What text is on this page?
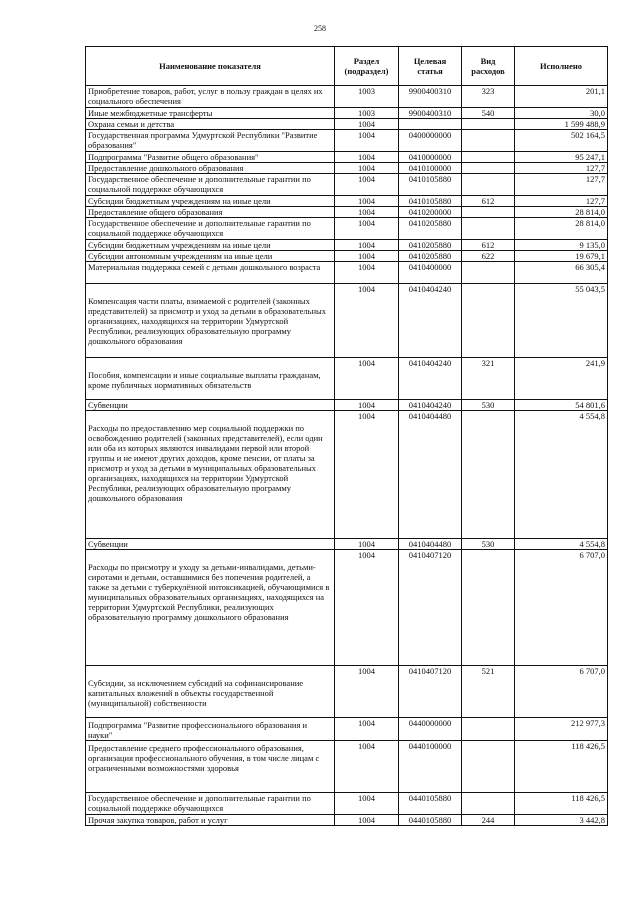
258
Наименование показателя	Раздел (подраздел)	Целевая статья	Вид расходов	Исполнено
Приобретение товаров, работ, услуг в пользу граждан в целях их социального обеспечения	1003	9900400310	323	201,1
Иные межбюджетные трансферты	1003	9900400310	540	30,0
Охрана семьи и детства	1004			1 599 488,9
Государственная программа Удмуртской Республики "Развитие образования"	1004	0400000000		502 164,5
Подпрограмма "Развитие общего образования"	1004	0410000000		95 247,1
Предоставление дошкольного образования	1004	0410100000		127,7
Государственное обеспечение и дополнительные гарантии по социальной поддержке обучающихся	1004	0410105880		127,7
Субсидии бюджетным учреждениям на иные цели	1004	0410105880	612	127,7
Предоставление общего образования	1004	0410200000		28 814,0
Государственное обеспечение и дополнительные гарантии по социальной поддержке обучающихся	1004	0410205880		28 814,0
Субсидии бюджетным учреждениям на иные цели	1004	0410205880	612	9 135,0
Субсидии автономным учреждениям на иные цели	1004	0410205880	622	19 679,1
Материальная поддержка семей с детьми дошкольного возраста	1004	0410400000		66 305,4
Компенсация части платы, взимаемой с родителей (законных представителей) за присмотр и уход за детьми в образовательных организациях, находящихся на территории Удмуртской Республики, реализующих образовательную программу дошкольного образования	1004	0410404240		55 043,5
Пособия, компенсации и иные социальные выплаты гражданам, кроме публичных нормативных обязательств	1004	0410404240	321	241,9
Субвенции	1004	0410404240	530	54 801,6
Расходы по предоставлению мер социальной поддержки по освобождению родителей (законных представителей), если один или оба из которых являются инвалидами первой или второй группы и не имеют других доходов, кроме пенсии, от платы за присмотр и уход за детьми в муниципальных образовательных организациях, находящихся на территории Удмуртской Республики, реализующих образовательную программу дошкольного образования	1004	0410404480		4 554,8
Субвенции	1004	0410404480	530	4 554,8
Расходы по присмотру и уходу за детьми-инвалидами, детьми-сиротами и детьми, оставшимися без попечения родителей, а также за детьми с туберкулёзной интоксикацией, обучающимися в муниципальных образовательных организациях, находящихся на территории Удмуртской Республики, реализующих образовательную программу дошкольного образования	1004	0410407120		6 707,0
Субсидии, за исключением субсидий на софинансирование капитальных вложений в объекты государственной (муниципальной) собственности	1004	0410407120	521	6 707,0
Подпрограмма "Развитие профессионального образования и науки"	1004	0440000000		212 977,3
Предоставление среднего профессионального образования, организация профессионального обучения, в том числе лицам с ограниченными возможностями здоровья	1004	0440100000		118 426,5
Государственное обеспечение и дополнительные гарантии по социальной поддержке обучающихся	1004	0440105880		118 426,5
Прочая закупка товаров, работ и услуг	1004	0440105880	244	3 442,8
